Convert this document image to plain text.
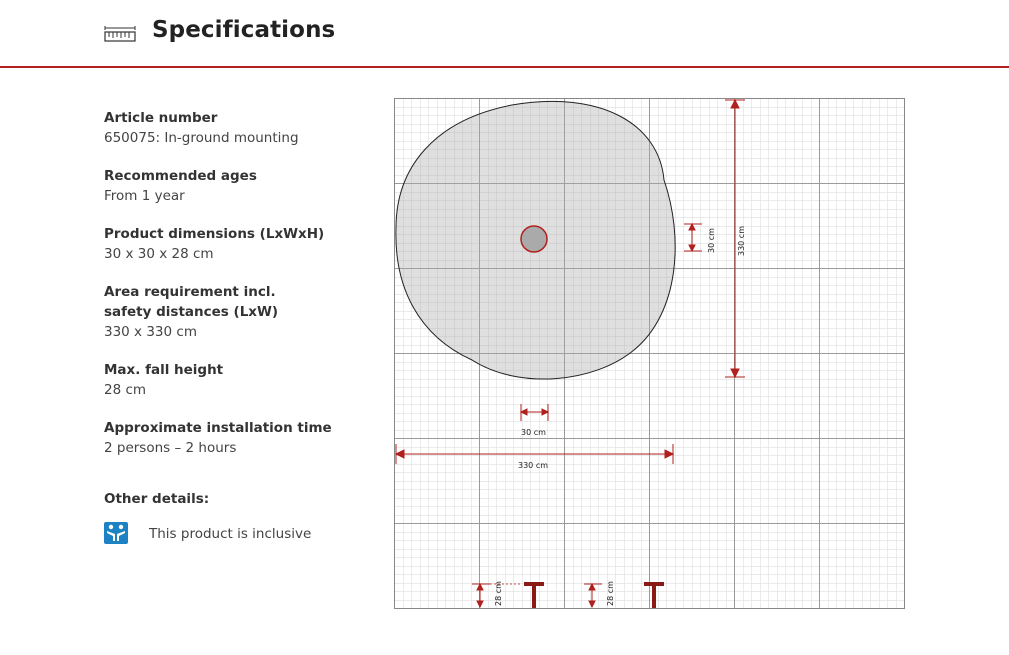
Specifications
Article number
650075: In-ground mounting
Recommended ages
From 1 year
Product dimensions (LxWxH)
30 x 30 x 28 cm
Area requirement incl.
safety distances (LxW)
330 x 330 cm
Max. fall height
28 cm
Approximate installation time
2 persons – 2 hours
Other details:
This product is inclusive
330 cm
30 cm
30 cm
330 cm
28 cm	28 cm
